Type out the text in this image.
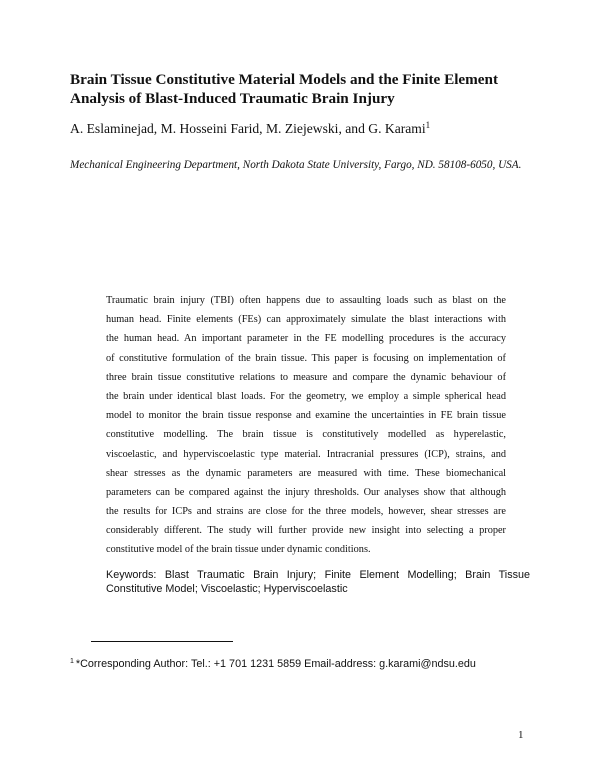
Brain Tissue Constitutive Material Models and the Finite Element
Analysis of Blast-Induced Traumatic Brain Injury

A. Eslaminejad, M. Hosseini Farid, M. Ziejewski, and G. Karami$^1$

Mechanical Engineering Department, North Dakota State University, Fargo, ND. 58108-6050, USA.

Traumatic brain injury (TBI) often happens due to assaulting loads such as blast on the
human head. Finite elements (FEs) can approximately simulate the blast interactions with
the human head. An important parameter in the FE modelling procedures is the accuracy
of constitutive formulation of the brain tissue. This paper is focusing on implementation of
three brain tissue constitutive relations to measure and compare the dynamic behaviour of
the brain under identical blast loads. For the geometry, we employ a simple spherical head
model to monitor the brain tissue response and examine the uncertainties in FE brain tissue
constitutive modelling. The brain tissue is constitutively modelled as hyperelastic,
viscoelastic, and hyperviscoelastic type material. Intracranial pressures (ICP), strains, and
shear stresses as the dynamic parameters are measured with time. These biomechanical
parameters can be compared against the injury thresholds. Our analyses show that although
the results for ICPs and strains are close for the three models, however, shear stresses are
considerably different. The study will further provide new insight into selecting a proper
constitutive model of the brain tissue under dynamic conditions.
Keywords: Blast Traumatic Brain Injury; Finite Element Modelling; Brain Tissue
Constitutive Model; Viscoelastic; Hyperviscoelastic

$^1$ *Corresponding Author: Tel.: +1 701 1231 5859 Email-address: g.karami@ndsu.edu

1
